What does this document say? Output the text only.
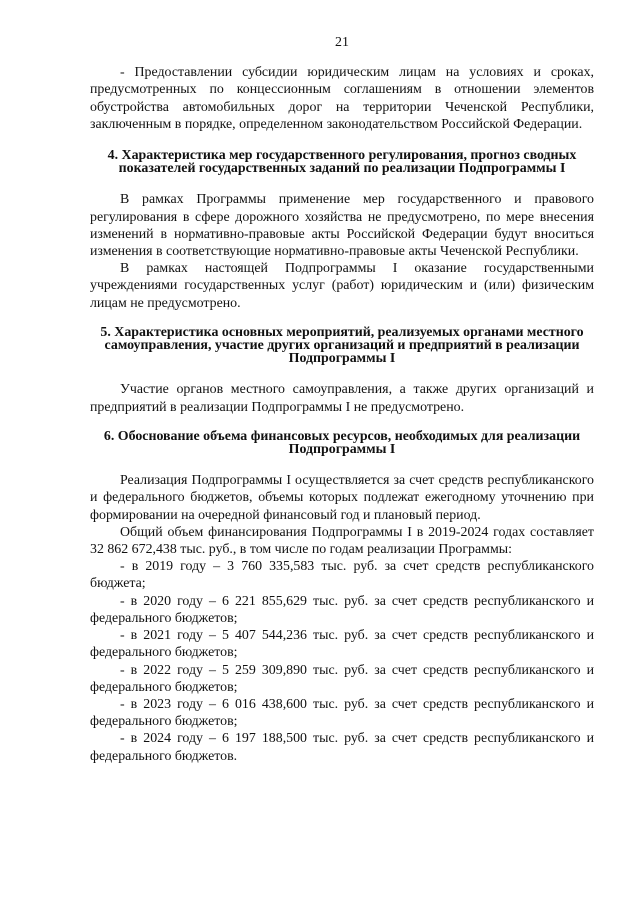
21

- Предоставлении субсидии юридическим лицам на условиях и сроках, предусмотренных по концессионным соглашениям в отношении элементов обустройства автомобильных дорог на территории Чеченской Республики, заключенным в порядке, определенном законодательством Российской Федерации.

4. Характеристика мер государственного регулирования, прогноз сводных показателей государственных заданий по реализации Подпрограммы I

В рамках Программы применение мер государственного и правового регулирования в сфере дорожного хозяйства не предусмотрено, по мере внесения изменений в нормативно-правовые акты Российской Федерации будут вноситься изменения в соответствующие нормативно-правовые акты Чеченской Республики.

В рамках настоящей Подпрограммы I оказание государственными учреждениями государственных услуг (работ) юридическим и (или) физическим лицам не предусмотрено.

5. Характеристика основных мероприятий, реализуемых органами местного самоуправления, участие других организаций и предприятий в реализации Подпрограммы I

Участие органов местного самоуправления, а также других организаций и предприятий в реализации Подпрограммы I не предусмотрено.

6. Обоснование объема финансовых ресурсов, необходимых для реализации Подпрограммы I

Реализация Подпрограммы I осуществляется за счет средств республиканского и федерального бюджетов, объемы которых подлежат ежегодному уточнению при формировании на очередной финансовый год и плановый период.

Общий объем финансирования Подпрограммы I в 2019-2024 годах составляет 32 862 672,438 тыс. руб., в том числе по годам реализации Программы:

- в 2019 году – 3 760 335,583 тыс. руб. за счет средств республиканского бюджета;

- в 2020 году – 6 221 855,629 тыс. руб. за счет средств республиканского и федерального бюджетов;

- в 2021 году – 5 407 544,236 тыс. руб. за счет средств республиканского и федерального бюджетов;

- в 2022 году – 5 259 309,890 тыс. руб. за счет средств республиканского и федерального бюджетов;

- в 2023 году – 6 016 438,600 тыс. руб. за счет средств республиканского и федерального бюджетов;

- в 2024 году – 6 197 188,500 тыс. руб. за счет средств республиканского и федерального бюджетов.
